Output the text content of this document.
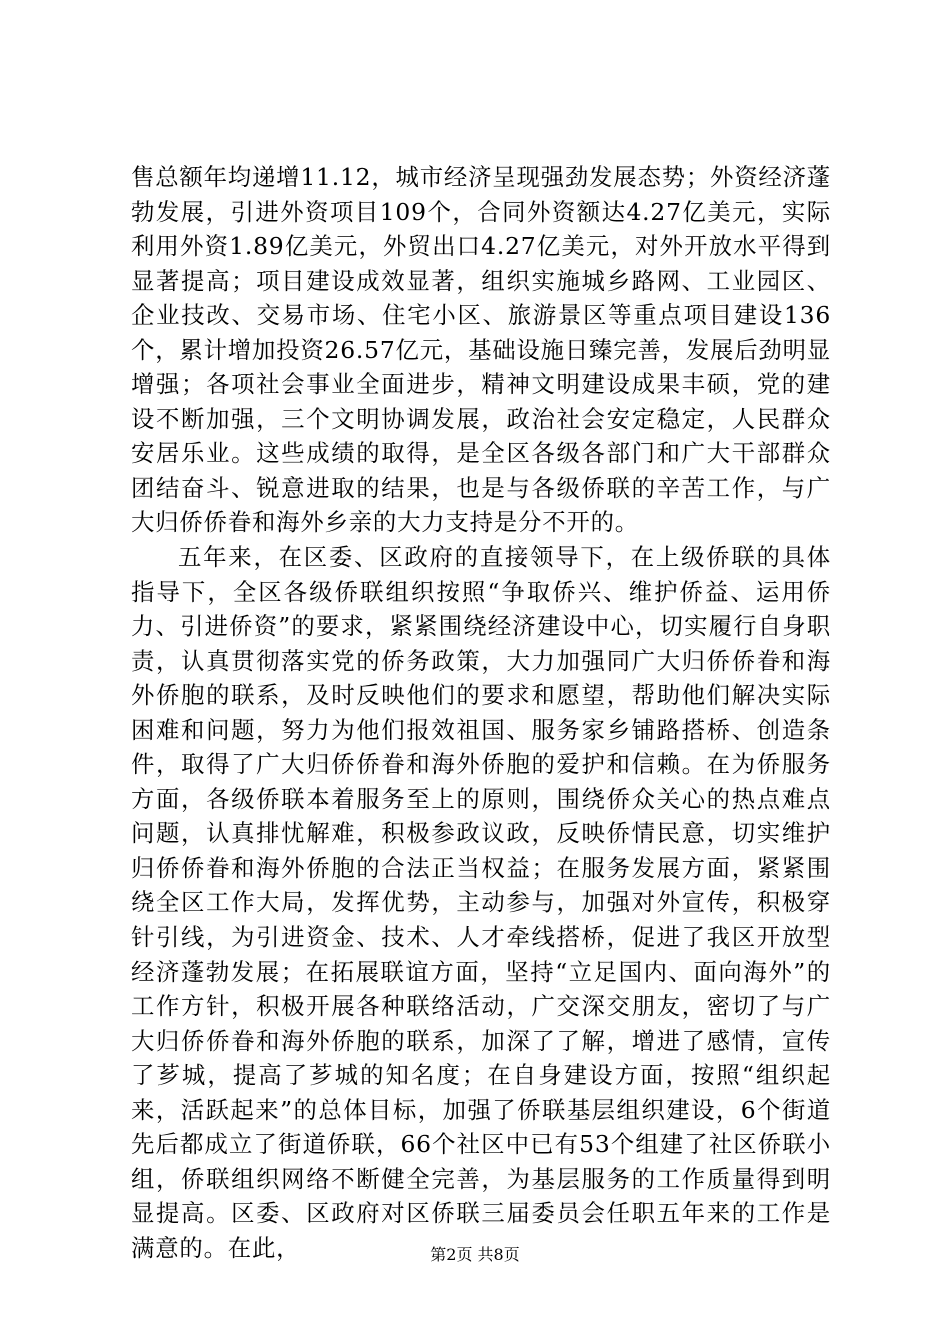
售总额年均递增11.12，城市经济呈现强劲发展态势；外资经济蓬勃发展，引进外资项目109个，合同外资额达4.27亿美元，实际利用外资1.89亿美元，外贸出口4.27亿美元，对外开放水平得到显著提高；项目建设成效显著，组织实施城乡路网、工业园区、企业技改、交易市场、住宅小区、旅游景区等重点项目建设136个，累计增加投资26.57亿元，基础设施日臻完善，发展后劲明显增强；各项社会事业全面进步，精神文明建设成果丰硕，党的建设不断加强，三个文明协调发展，政治社会安定稳定，人民群众安居乐业。这些成绩的取得，是全区各级各部门和广大干部群众团结奋斗、锐意进取的结果，也是与各级侨联的辛苦工作，与广大归侨侨眷和海外乡亲的大力支持是分不开的。

五年来，在区委、区政府的直接领导下，在上级侨联的具体指导下，全区各级侨联组织按照“争取侨兴、维护侨益、运用侨力、引进侨资”的要求，紧紧围绕经济建设中心，切实履行自身职责，认真贯彻落实党的侨务政策，大力加强同广大归侨侨眷和海外侨胞的联系，及时反映他们的要求和愿望，帮助他们解决实际困难和问题，努力为他们报效祖国、服务家乡铺路搭桥、创造条件，取得了广大归侨侨眷和海外侨胞的爱护和信赖。在为侨服务方面，各级侨联本着服务至上的原则，围绕侨众关心的热点难点问题，认真排忧解难，积极参政议政，反映侨情民意，切实维护归侨侨眷和海外侨胞的合法正当权益；在服务发展方面，紧紧围绕全区工作大局，发挥优势，主动参与，加强对外宣传，积极穿针引线，为引进资金、技术、人才牵线搭桥，促进了我区开放型经济蓬勃发展；在拓展联谊方面，坚持“立足国内、面向海外”的工作方针，积极开展各种联络活动，广交深交朋友，密切了与广大归侨侨眷和海外侨胞的联系，加深了了解，增进了感情，宣传了芗城，提高了芗城的知名度；在自身建设方面，按照“组织起来，活跃起来”的总体目标，加强了侨联基层组织建设，6个街道先后都成立了街道侨联，66个社区中已有53个组建了社区侨联小组，侨联组织网络不断健全完善，为基层服务的工作质量得到明显提高。区委、区政府对区侨联三届委员会任职五年来的工作是满意的。在此，	第2页 共8页
